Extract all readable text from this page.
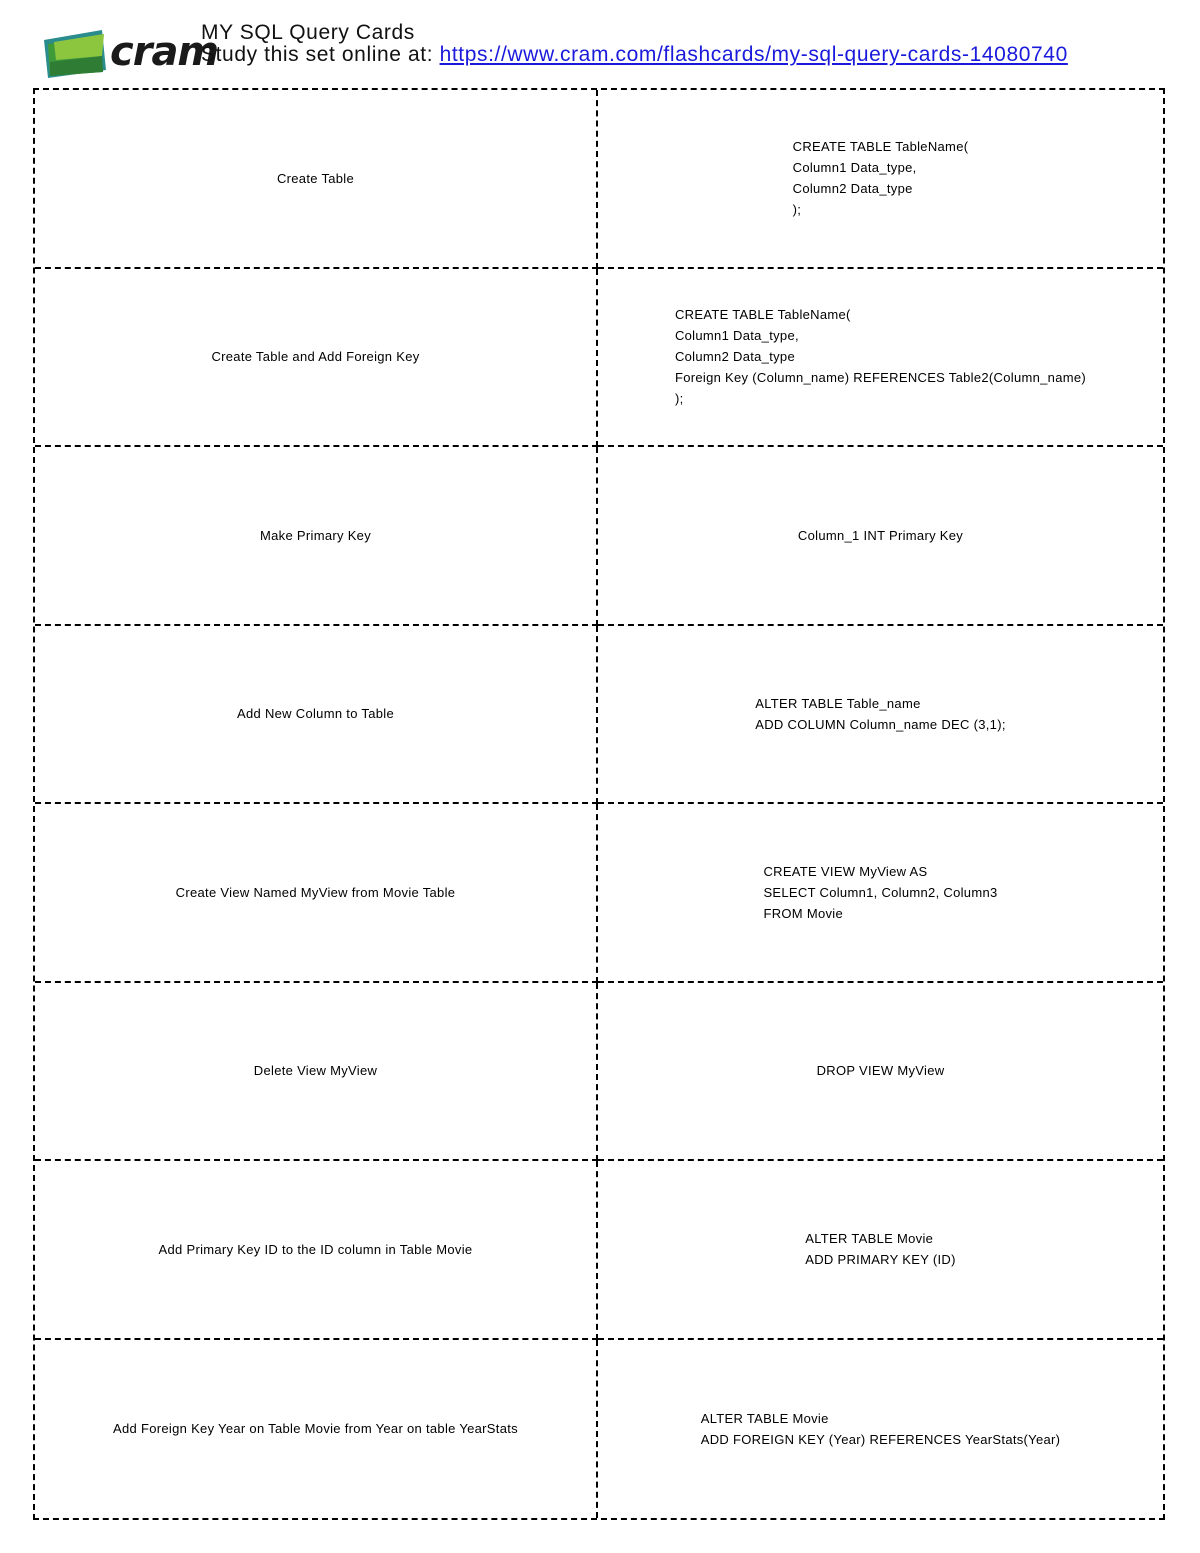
cram
MY SQL Query Cards
Study this set online at: https://www.cram.com/flashcards/my-sql-query-cards-14080740
Create Table
CREATE TABLE TableName(
Column1 Data_type,
Column2 Data_type
);
Create Table and Add Foreign Key
CREATE TABLE TableName(
Column1 Data_type,
Column2 Data_type
Foreign Key (Column_name) REFERENCES Table2(Column_name)
);
Make Primary Key	Column_1 INT Primary Key
Add New Column to Table
ALTER TABLE Table_name
ADD COLUMN Column_name DEC (3,1);
Create View Named MyView from Movie Table
CREATE VIEW MyView AS
SELECT Column1, Column2, Column3
FROM Movie
Delete View MyView	DROP VIEW MyView
Add Primary Key ID to the ID column in Table Movie
ALTER TABLE Movie
ADD PRIMARY KEY (ID)
Add Foreign Key Year on Table Movie from Year on table YearStats
ALTER TABLE Movie
ADD FOREIGN KEY (Year) REFERENCES YearStats(Year)
